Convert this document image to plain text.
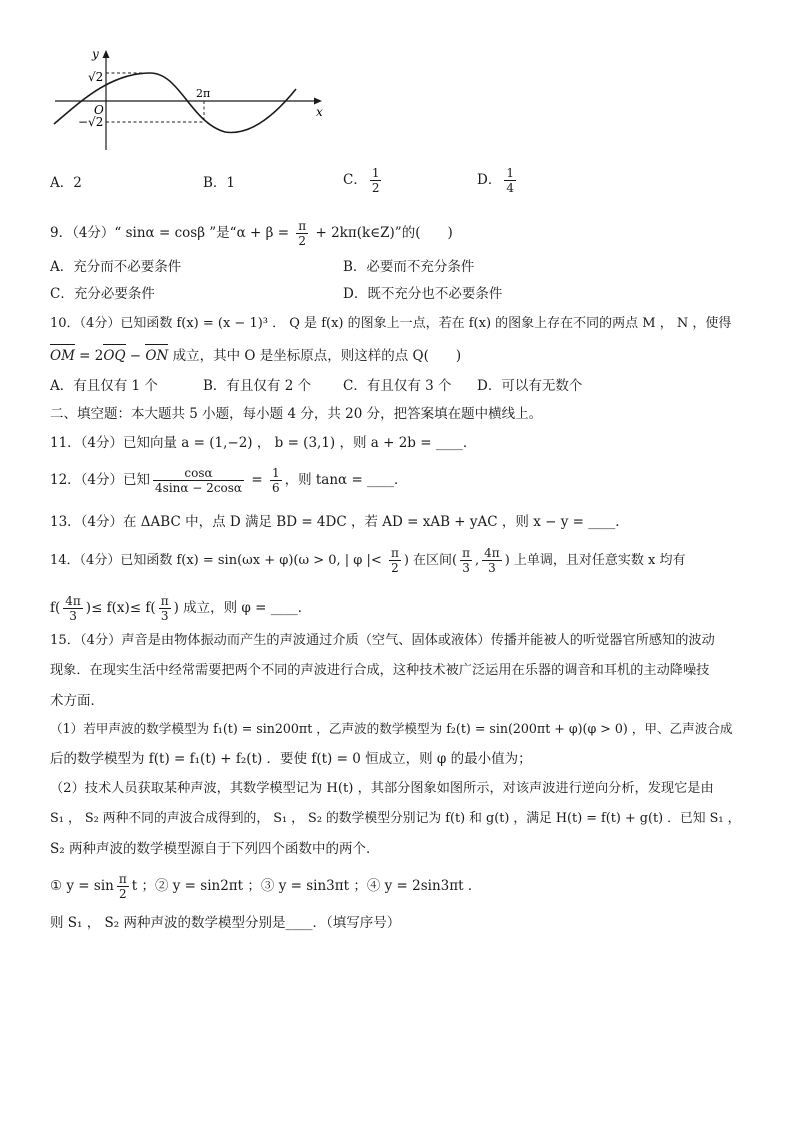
y
x
O
√2
−√2
2π
A．2	B．1	C． $\frac{1}{2}$	D． $\frac{1}{4}$
9．（4分）“ sinα = cosβ ”是“$\alpha + \beta = \frac{\pi}{2}$ + 2kπ(k∈Z)”的(　　)
A．充分而不必要条件	B．必要而不充分条件
C．充分必要条件	D．既不充分也不必要条件
10．（4分）已知函数 f(x) = (x − 1)³ ． Q 是 f(x) 的图象上一点，若在 f(x) 的图象上存在不同的两点 M ， N ，使得
OM = 2OQ − ON 成立，其中 O 是坐标原点，则这样的点 Q(　　)
A．有且仅有 1 个	B．有且仅有 2 个 C．有且仅有 3 个 D．可以有无数个
二、填空题：本大题共 5 小题，每小题 4 分，共 20 分，把答案填在题中横线上。
11．（4分）已知向量 a = (1,−2) ， b = (3,1) ，则 a + 2b = ____．
12．（4分）已知 $\frac{\cos\alpha}{4\sin\alpha - 2\cos\alpha} = \frac{1}{6}$ ，则 tanα = ____．
13．（4分）在 ΔABC 中，点 D 满足 BD = 4DC ，若 AD = xAB + yAC ，则 x − y = ____．
14．（4分）已知函数 f(x) = sin(ωx + φ)(ω > 0, | φ |< $\frac{\pi}{2}$ ) 在区间( $\frac{\pi}{3}$ , $\frac{4\pi}{3}$ ) 上单调，且对任意实数 x 均有
$f( \frac{4\pi}{3}$ )≤ $f(x)\le f( \frac{\pi}{3}$ ) 成立，则 φ = ____．
15．（4分）声音是由物体振动而产生的声波通过介质（空气、固体或液体）传播并能被人的听觉器官所感知的波动
现象．在现实生活中经常需要把两个不同的声波进行合成，这种技术被广泛运用在乐器的调音和耳机的主动降噪技
术方面．
（1）若甲声波的数学模型为 f₁(t) = sin200πt ，乙声波的数学模型为 f₂(t) = sin(200πt + φ)(φ > 0) ，甲、乙声波合成
后的数学模型为 f(t) = f₁(t) + f₂(t) ．要使 f(t) = 0 恒成立，则 φ 的最小值为；
（2）技术人员获取某种声波，其数学模型记为 H(t) ，其部分图象如图所示，对该声波进行逆向分析，发现它是由
S₁ ， S₂ 两种不同的声波合成得到的， S₁ ， S₂ 的数学模型分别记为 f(t) 和 g(t) ，满足 H(t) = f(t) + g(t) ．已知 S₁ ，
S₂ 两种声波的数学模型源自于下列四个函数中的两个．
① $y = \sin \frac{\pi}{2}$ t ；② y = sin2πt ；③ y = sin3πt ；④ y = 2sin3πt ．
则 S₁ ， S₂ 两种声波的数学模型分别是____．（填写序号）
